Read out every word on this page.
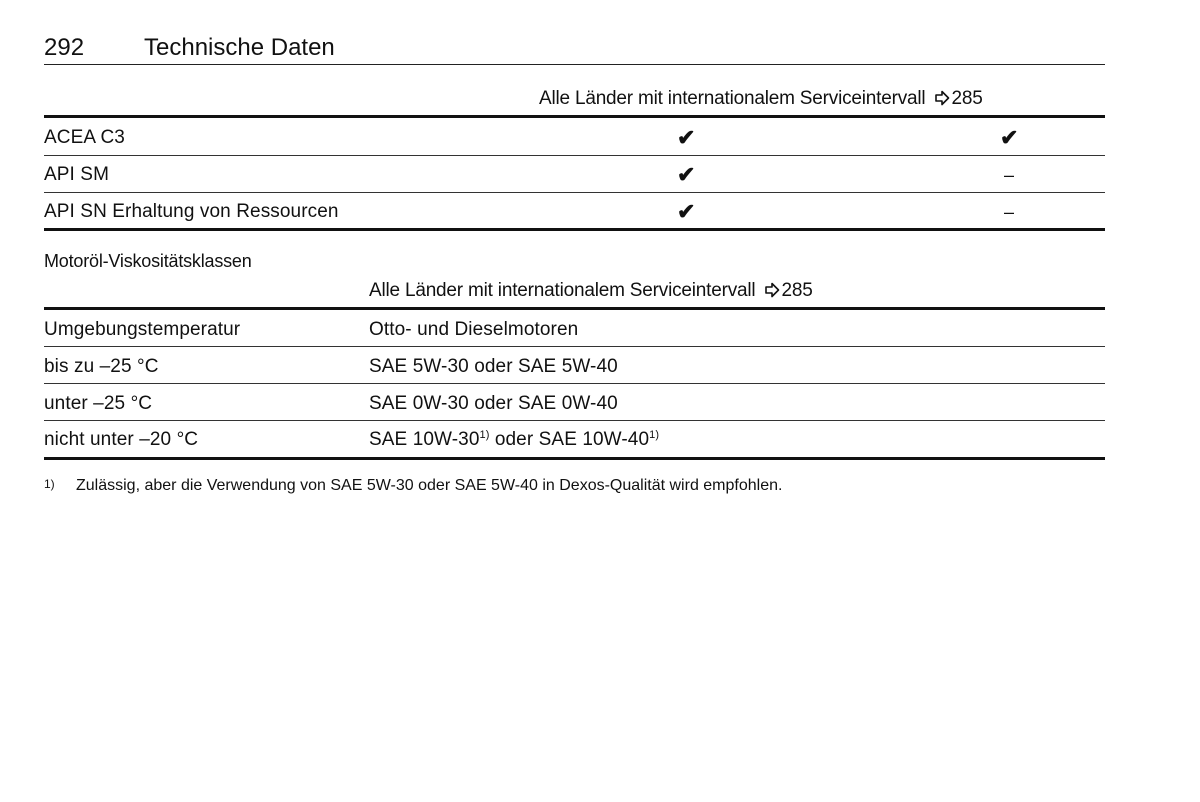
292 Technische Daten
Alle Länder mit internationalem Serviceintervall 285
ACEA C3	✔	✔
API SM	✔	–
API SN Erhaltung von Ressourcen	✔	–
Motoröl-Viskositätsklassen
Alle Länder mit internationalem Serviceintervall 285
Umgebungstemperatur	Otto- und Dieselmotoren
bis zu –25 °C	SAE 5W-30 oder SAE 5W-40
unter –25 °C	SAE 0W-30 oder SAE 0W-40
nicht unter –20 °C	SAE 10W-30$^{1)}$ oder SAE 10W-40$^{1)}$
1) Zulässig, aber die Verwendung von SAE 5W-30 oder SAE 5W-40 in Dexos-Qualität wird empfohlen.
